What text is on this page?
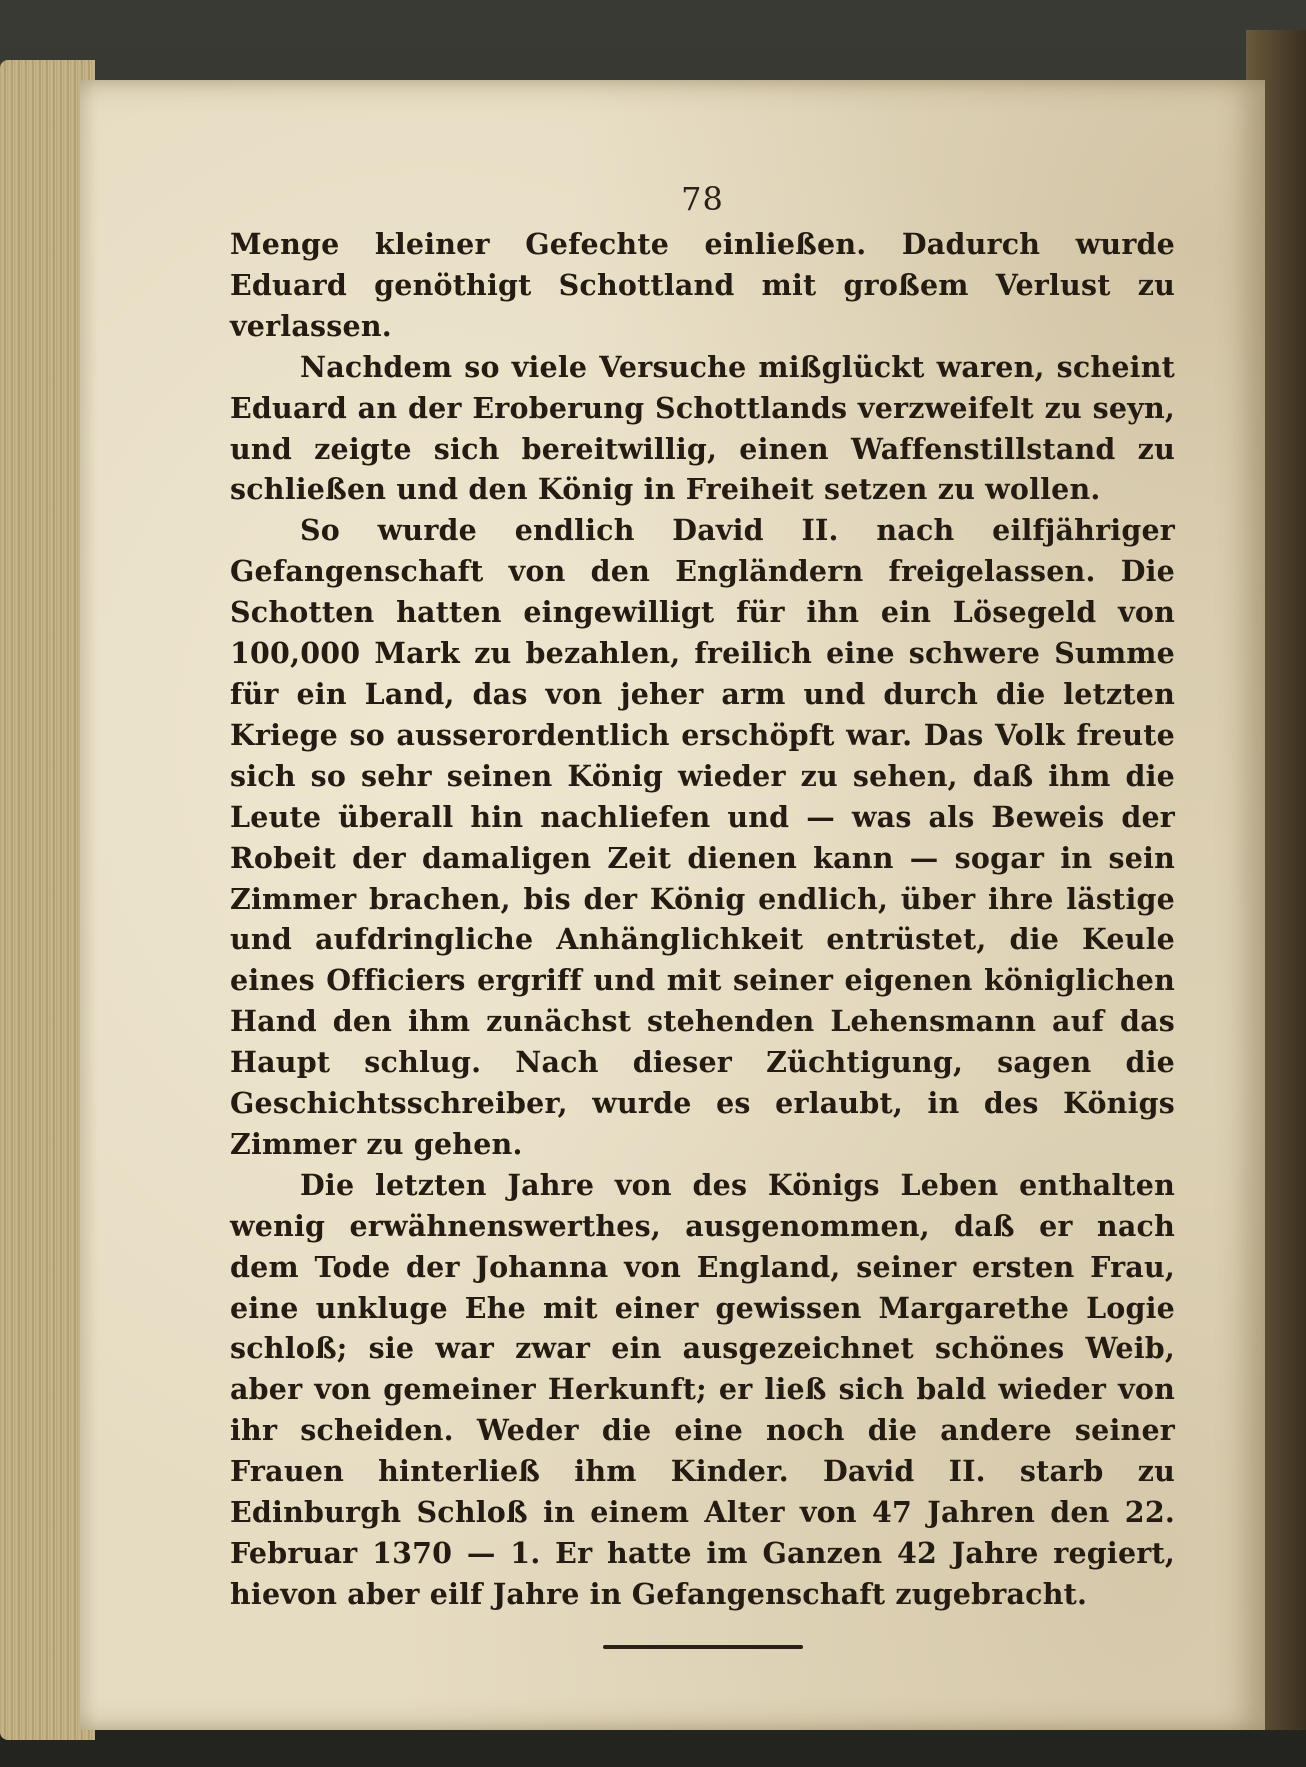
78

Menge kleiner Gefechte einließen. Dadurch wurde Eduard genöthigt Schottland mit großem Verlust zu verlassen.

Nachdem so viele Versuche mißglückt waren, scheint Eduard an der Eroberung Schottlands verzweifelt zu seyn, und zeigte sich bereitwillig, einen Waffenstillstand zu schließen und den König in Freiheit setzen zu wollen.

So wurde endlich David II. nach eilfjähriger Gefangenschaft von den Engländern freigelassen. Die Schotten hatten eingewilligt für ihn ein Lösegeld von 100,000 Mark zu bezahlen, freilich eine schwere Summe für ein Land, das von jeher arm und durch die letzten Kriege so ausserordentlich erschöpft war. Das Volk freute sich so sehr seinen König wieder zu sehen, daß ihm die Leute überall hin nachliefen und — was als Beweis der Robeit der damaligen Zeit dienen kann — sogar in sein Zimmer brachen, bis der König endlich, über ihre lästige und aufdringliche Anhänglichkeit entrüstet, die Keule eines Officiers ergriff und mit seiner eigenen königlichen Hand den ihm zunächst stehenden Lehensmann auf das Haupt schlug. Nach dieser Züchtigung, sagen die Geschichtsschreiber, wurde es erlaubt, in des Königs Zimmer zu gehen.

Die letzten Jahre von des Königs Leben enthalten wenig erwähnenswerthes, ausgenommen, daß er nach dem Tode der Johanna von England, seiner ersten Frau, eine unkluge Ehe mit einer gewissen Margarethe Logie schloß; sie war zwar ein ausgezeichnet schönes Weib, aber von gemeiner Herkunft; er ließ sich bald wieder von ihr scheiden. Weder die eine noch die andere seiner Frauen hinterließ ihm Kinder. David II. starb zu Edinburgh Schloß in einem Alter von 47 Jahren den 22. Februar 1370 — 1. Er hatte im Ganzen 42 Jahre regiert, hievon aber eilf Jahre in Gefangenschaft zugebracht.
